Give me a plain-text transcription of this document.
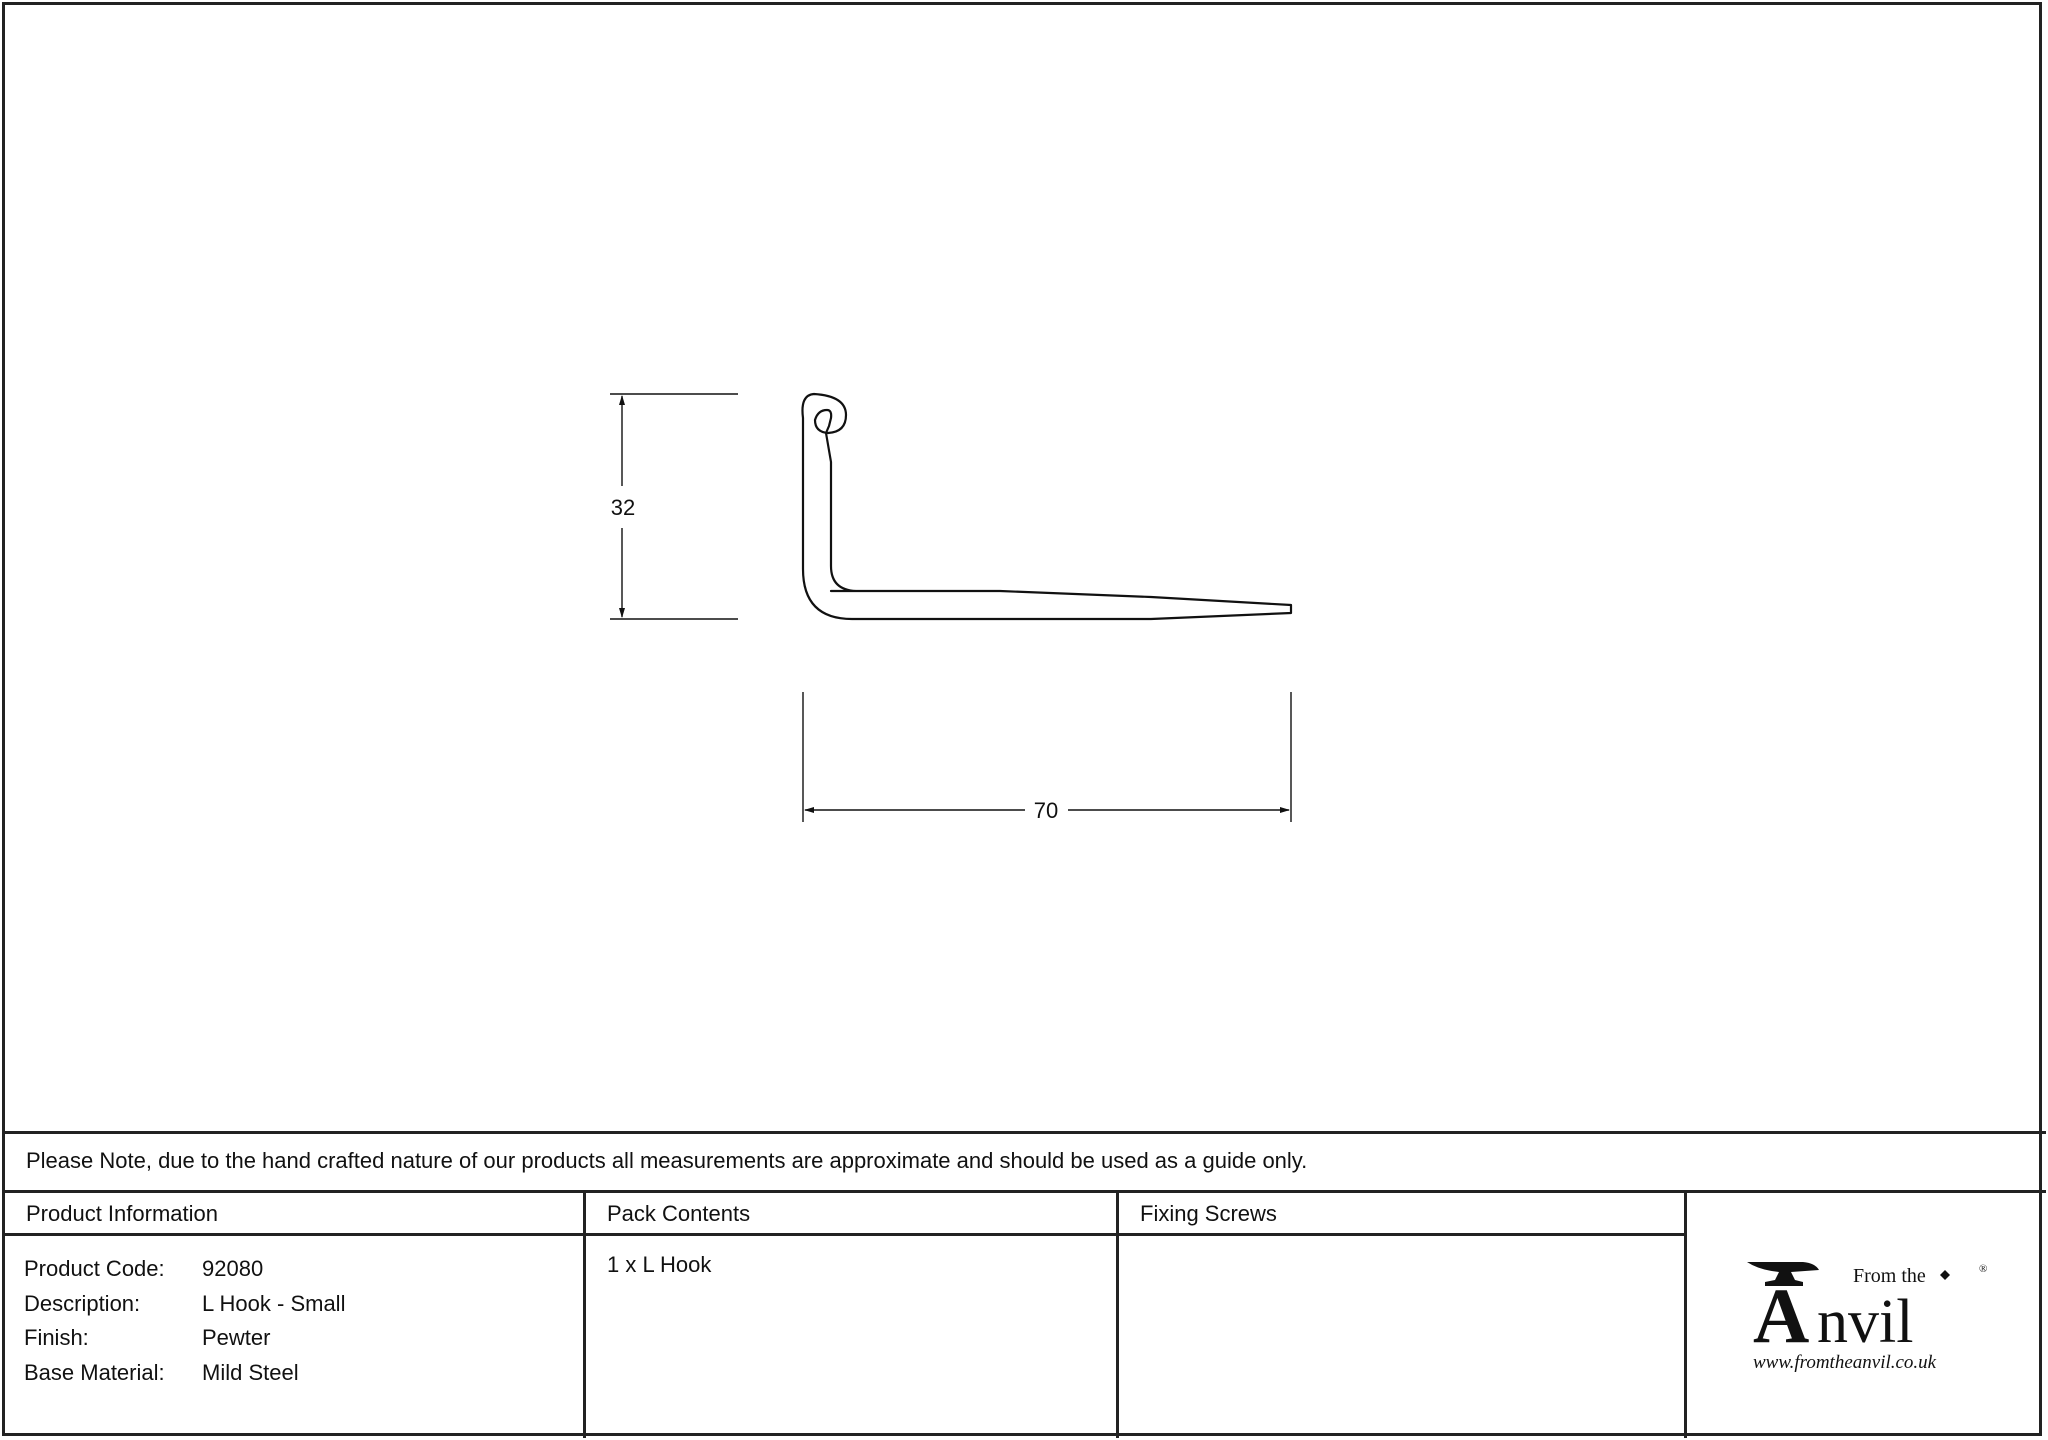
32
70
Please Note, due to the hand crafted nature of our products all measurements are approximate and should be used as a guide only.
Product Information	Pack Contents	Fixing Screws
Product Code:	92080
Description:	L Hook - Small
Finish:	Pewter
Base Material:	Mild Steel
1 x L Hook
A nvil
From the	®
www.fromtheanvil.co.uk
